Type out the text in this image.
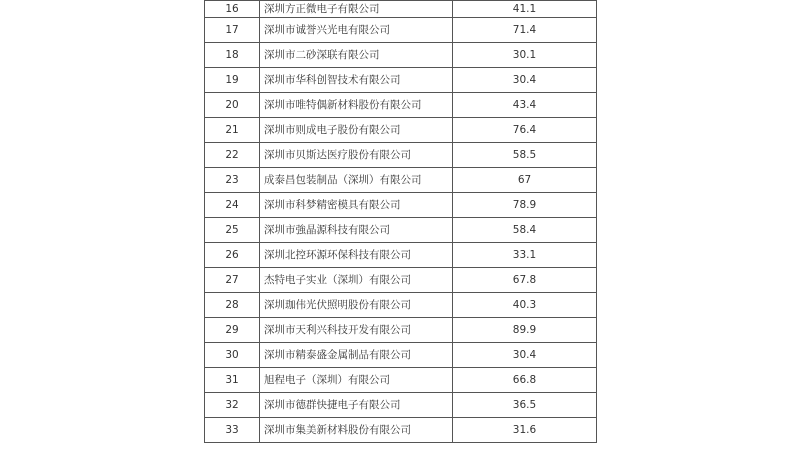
16	深圳方正微电子有限公司	41.1
17	深圳市诚誉兴光电有限公司	71.4
18	深圳市二砂深联有限公司	30.1
19	深圳市华科创智技术有限公司	30.4
20	深圳市唯特偶新材料股份有限公司	43.4
21	深圳市则成电子股份有限公司	76.4
22	深圳市贝斯达医疗股份有限公司	58.5
23	成泰昌包装制品（深圳）有限公司	67
24	深圳市科梦精密模具有限公司	78.9
25	深圳市強晶源科技有限公司	58.4
26	深圳北控环源环保科技有限公司	33.1
27	杰特电子实业（深圳）有限公司	67.8
28	深圳珈伟光伏照明股份有限公司	40.3
29	深圳市天利兴科技开发有限公司	89.9
30	深圳市精泰盛金属制品有限公司	30.4
31	旭程电子（深圳）有限公司	66.8
32	深圳市德群快捷电子有限公司	36.5
33	深圳市集美新材料股份有限公司	31.6
